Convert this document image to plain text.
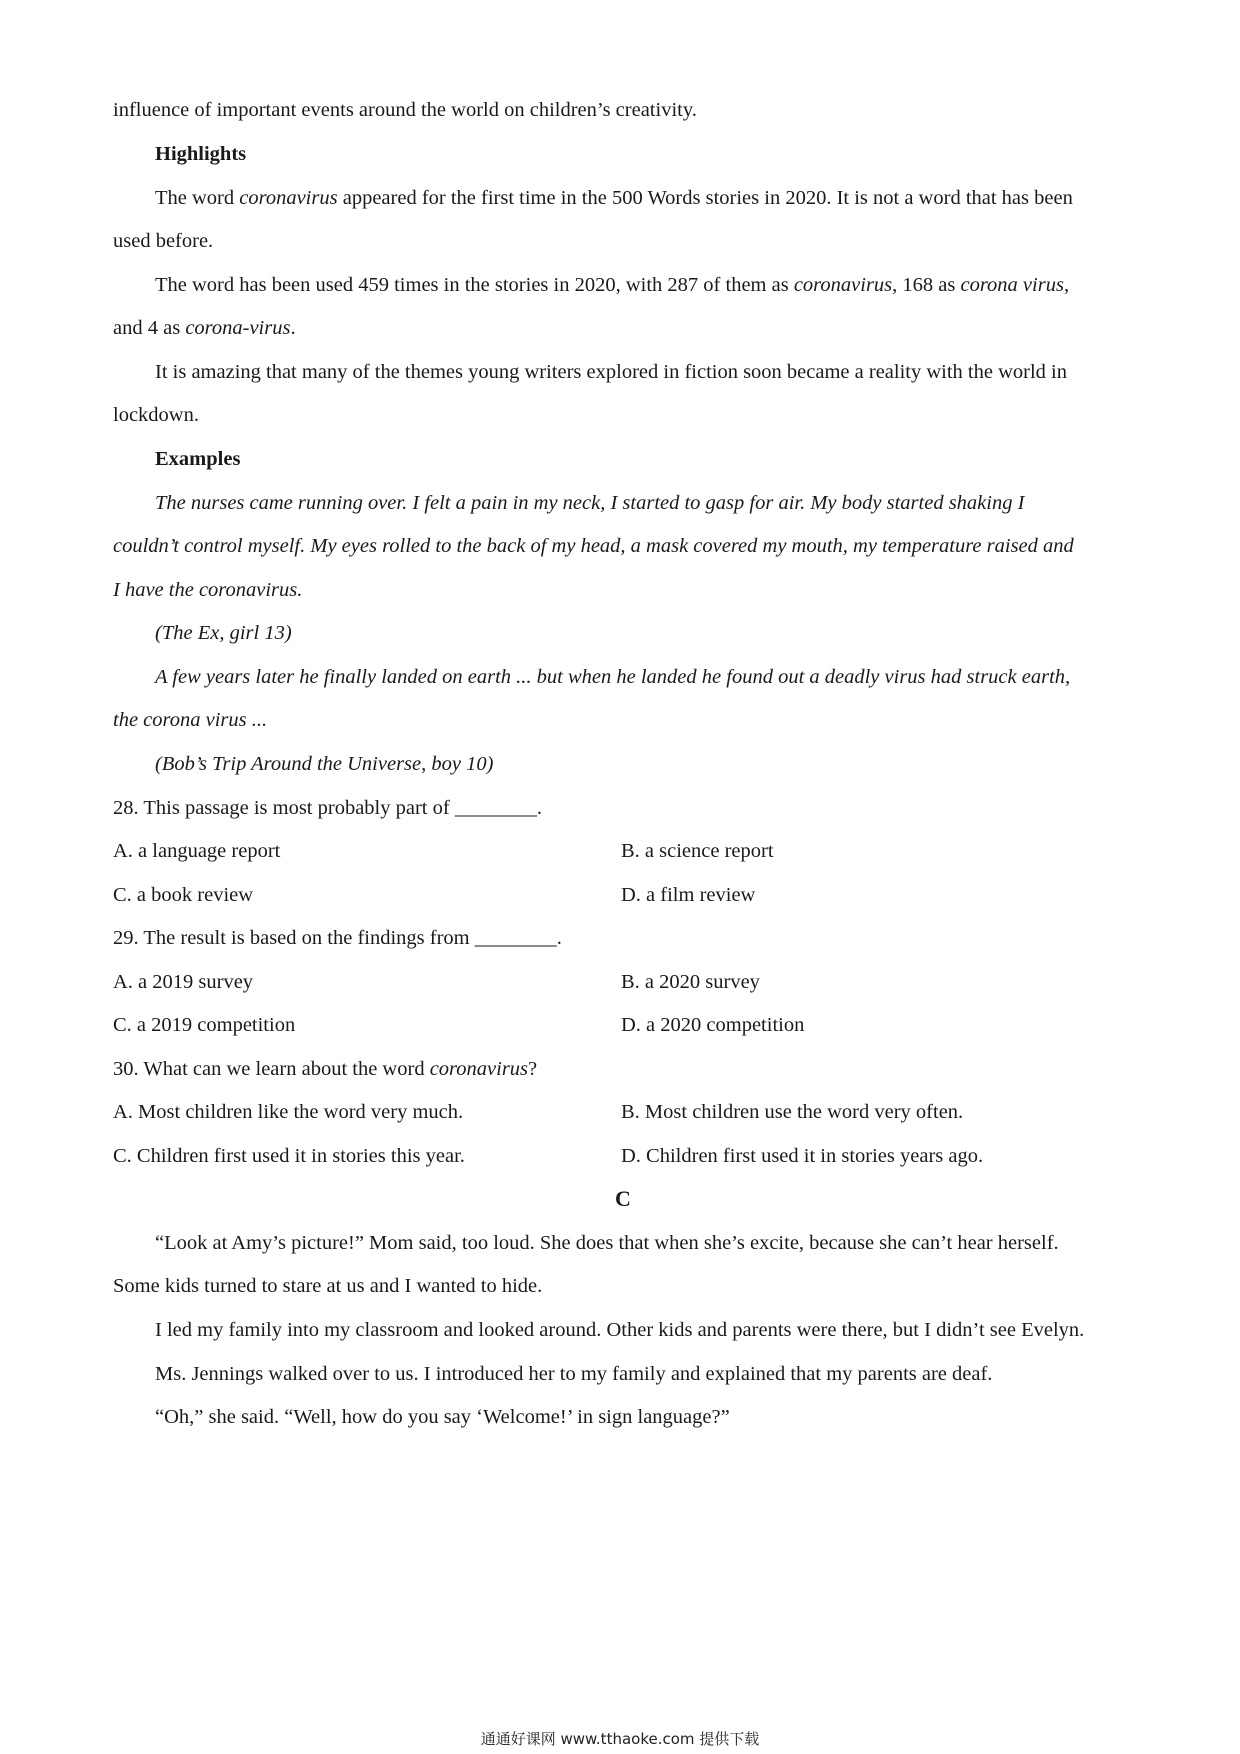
influence of important events around the world on children’s creativity.
Highlights
The word coronavirus appeared for the first time in the 500 Words stories in 2020. It is not a word that has been
used before.
The word has been used 459 times in the stories in 2020, with 287 of them as coronavirus, 168 as corona virus,
and 4 as corona-virus.
It is amazing that many of the themes young writers explored in fiction soon became a reality with the world in
lockdown.
Examples
The nurses came running over. I felt a pain in my neck, I started to gasp for air. My body started shaking I
couldn’t control myself. My eyes rolled to the back of my head, a mask covered my mouth, my temperature raised and
I have the coronavirus.
(The Ex, girl 13)
A few years later he finally landed on earth ... but when he landed he found out a deadly virus had struck earth,
the corona virus ...
(Bob’s Trip Around the Universe, boy 10)
28. This passage is most probably part of ________.
A. a language report	B. a science report
C. a book review	D. a film review
29. The result is based on the findings from ________.
A. a 2019 survey	B. a 2020 survey
C. a 2019 competition	D. a 2020 competition
30. What can we learn about the word coronavirus?
A. Most children like the word very much.	B. Most children use the word very often.
C. Children first used it in stories this year.	D. Children first used it in stories years ago.
C
“Look at Amy’s picture!” Mom said, too loud. She does that when she’s excite, because she can’t hear herself.
Some kids turned to stare at us and I wanted to hide.
I led my family into my classroom and looked around. Other kids and parents were there, but I didn’t see Evelyn.
Ms. Jennings walked over to us. I introduced her to my family and explained that my parents are deaf.
“Oh,” she said. “Well, how do you say ‘Welcome!’ in sign language?”
通通好课网 www.tthaoke.com 提供下载
